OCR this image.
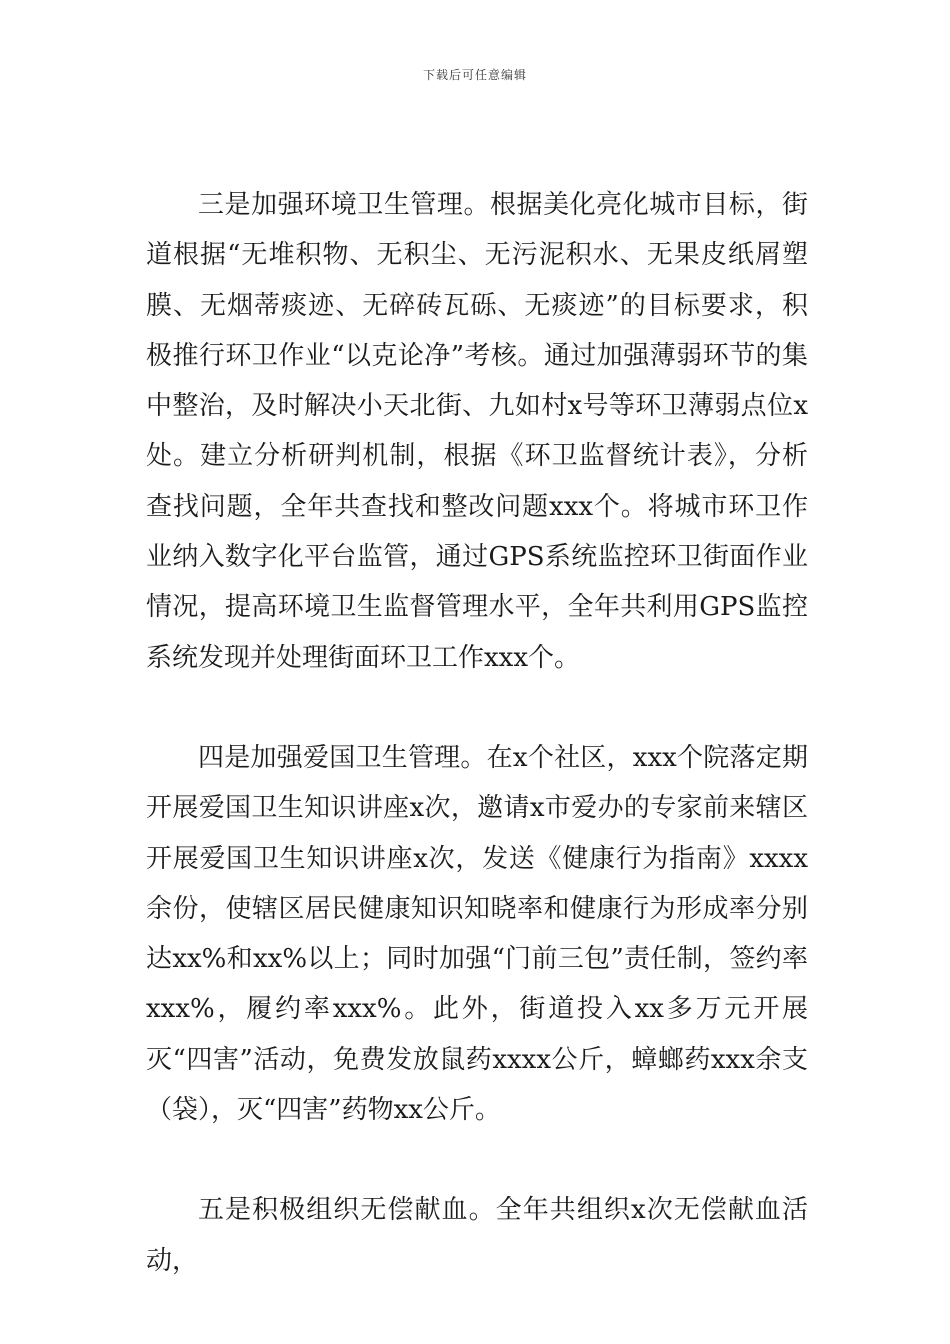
下载后可任意编辑

三是加强环境卫生管理。根据美化亮化城市目标，街道根据“无堆积物、无积尘、无污泥积水、无果皮纸屑塑膜、无烟蒂痰迹、无碎砖瓦砾、无痰迹”的目标要求，积极推行环卫作业“以克论净”考核。通过加强薄弱环节的集中整治，及时解决小天北街、九如村x号等环卫薄弱点位x处。建立分析研判机制，根据《环卫监督统计表》，分析查找问题，全年共查找和整改问题xxx个。将城市环卫作业纳入数字化平台监管，通过GPS系统监控环卫街面作业情况，提高环境卫生监督管理水平，全年共利用GPS监控系统发现并处理街面环卫工作xxx个。

四是加强爱国卫生管理。在x个社区，xxx个院落定期开展爱国卫生知识讲座x次，邀请x市爱办的专家前来辖区开展爱国卫生知识讲座x次，发送《健康行为指南》xxxx余份，使辖区居民健康知识知晓率和健康行为形成率分别达xx%和xx%以上；同时加强“门前三包”责任制，签约率xxx%，履约率xxx%。此外，街道投入xx多万元开展灭“四害”活动，免费发放鼠药xxxx公斤，蟑螂药xxx余支（袋），灭“四害”药物xx公斤。

五是积极组织无偿献血。全年共组织x次无偿献血活动，
